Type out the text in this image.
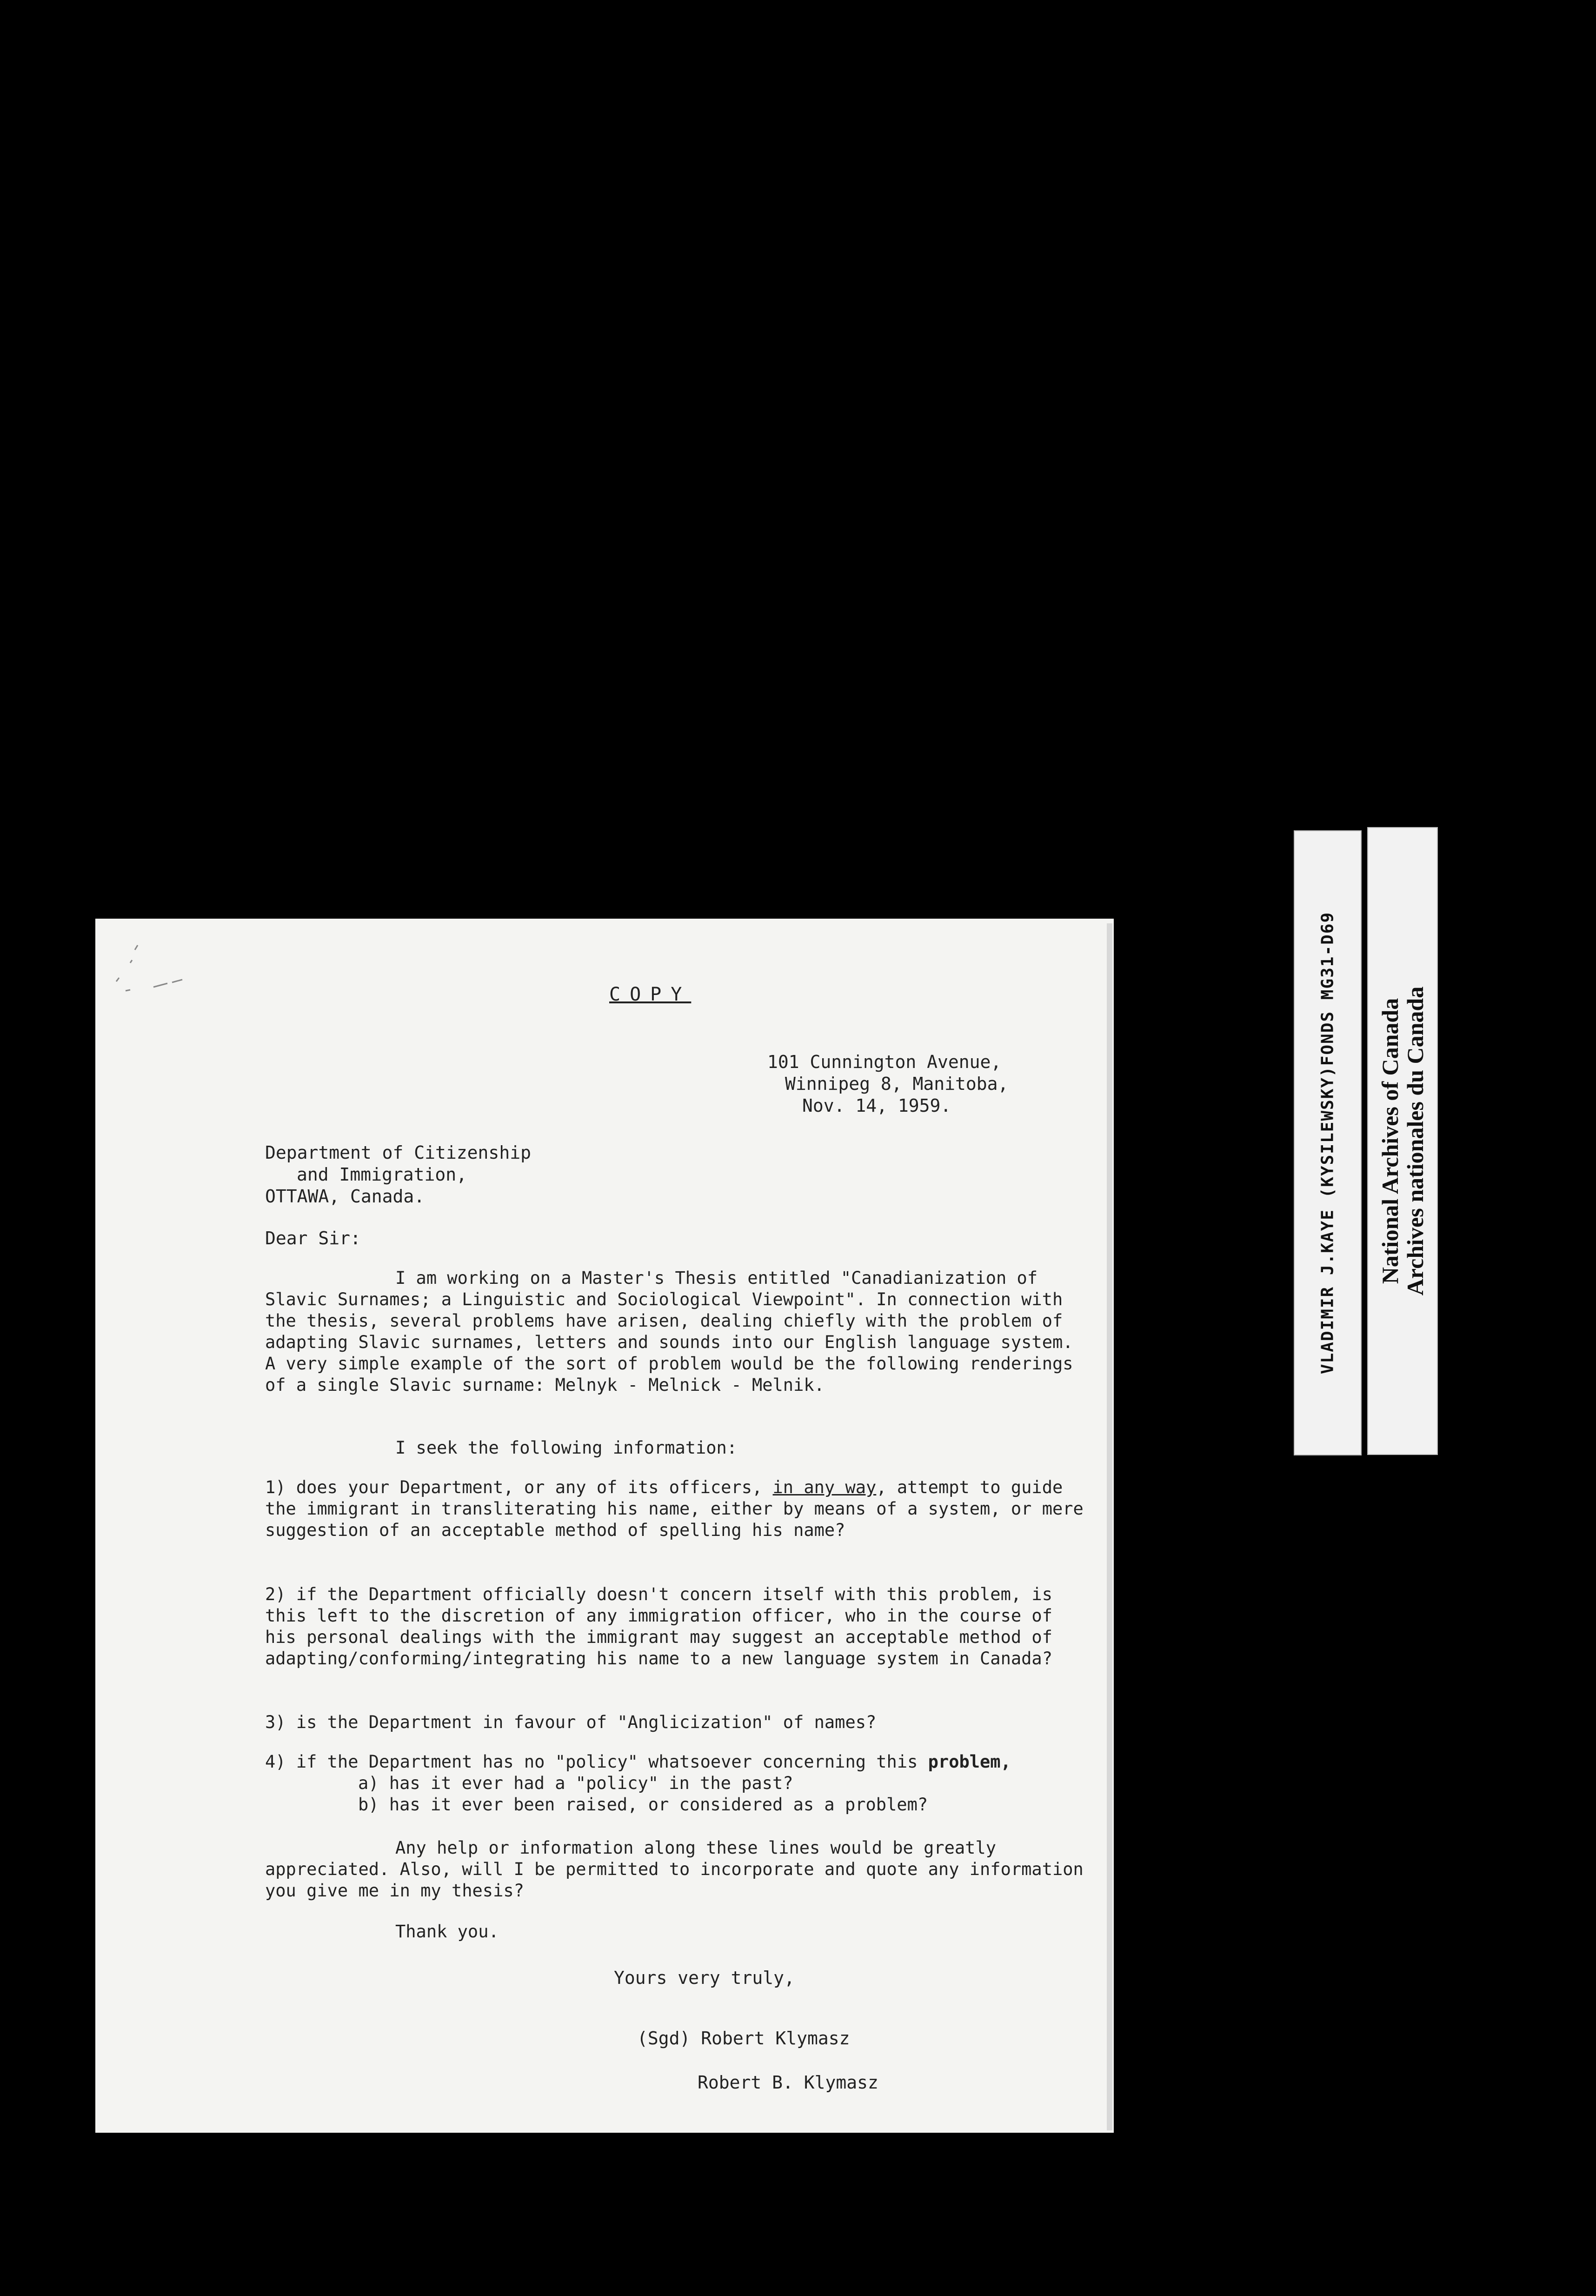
COPY
101 Cunnington Avenue,
Winnipeg 8, Manitoba,
Nov. 14, 1959.
Department of Citizenship
and Immigration,
OTTAWA, Canada.
Dear Sir:
I am working on a Master's Thesis entitled "Canadianization of Slavic Surnames; a Linguistic and Sociological Viewpoint". In connection with the thesis, several problems have arisen, dealing chiefly with the problem of adapting Slavic surnames, letters and sounds into our English language system. A very simple example of the sort of problem would be the following renderings of a single Slavic surname: Melnyk - Melnick - Melnik.
I seek the following information:
1) does your Department, or any of its officers, in any way, attempt to guide the immigrant in transliterating his name, either by means of a system, or mere suggestion of an acceptable method of spelling his name?
2) if the Department officially doesn't concern itself with this problem, is this left to the discretion of any immigration officer, who in the course of his personal dealings with the immigrant may suggest an acceptable method of adapting/conforming/integrating his name to a new language system in Canada?
3) is the Department in favour of "Anglicization" of names?
4) if the Department has no "policy" whatsoever concerning this problem,
a) has it ever had a "policy" in the past?
b) has it ever been raised, or considered as a problem?
Any help or information along these lines would be greatly appreciated. Also, will I be permitted to incorporate and quote any information you give me in my thesis?
Thank you.
Yours very truly,
(Sgd) Robert Klymasz
Robert B. Klymasz
VLADIMIR J.KAYE (KYSILEWSKY)FONDS MG31-D69 National Archives of Canada
Archives nationales du Canada
